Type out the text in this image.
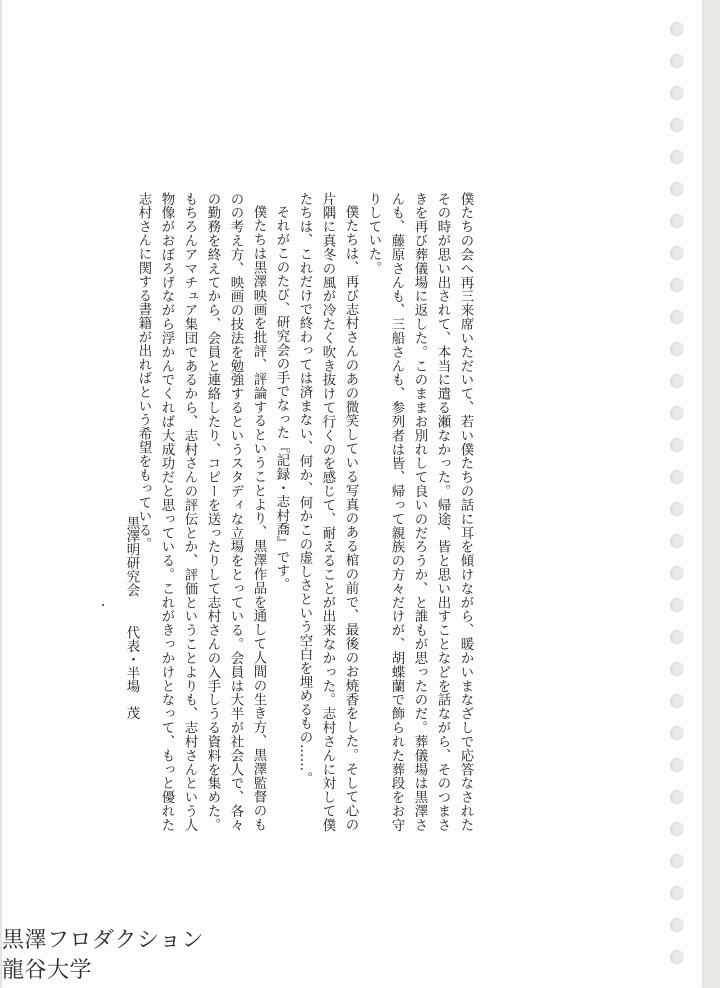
僕たちの会へ再三来席いただいて、若い僕たちの話に耳を傾けながら、暖かいまなざしで応答なされたその時が思い出されて、本当に遣る瀬なかった。帰途、皆と思い出すことなどを話ながら、そのつまさきを再び葬儀場に返した。このままお別れして良いのだろうか、と誰もが思ったのだ。葬儀場は黒澤さんも、藤原さんも、三船さんも、参列者は皆、帰って親族の方々だけが、胡蝶蘭で飾られた葬段をお守りしていた。

僕たちは、再び志村さんのあの微笑している写真のある棺の前で、最後のお焼香をした。そして心の片隅に真冬の風が冷たく吹き抜けて行くのを感じて、耐えることが出来なかった。志村さんに対して僕たちは、これだけで終わっては済まない、何か、何かこの虚しさという空白を埋めるもの……。

それがこのたび、研究会の手でなった『記録・志村喬』です。

僕たちは黒澤映画を批評、評論するということより、黒澤作品を通して人間の生き方、黒澤監督のものの考え方、映画の技法を勉強するというスタディな立場をとっている。会員は大半が社会人で、各々の勤務を終えてから、会員と連絡したり、コピーを送ったりして志村さんの入手しうる資料を集めた。もちろんアマチュア集団であるから、志村さんの評伝とか、評価ということよりも、志村さんという人物像がおぼろげながら浮かんでくれば大成功だと思っている。これがきっかけとなって、もっと優れた志村さんに関する書籍が出ればという希望をもっている。

黒澤明研究会代表・半場茂
黒澤フロダクション
龍谷大学
